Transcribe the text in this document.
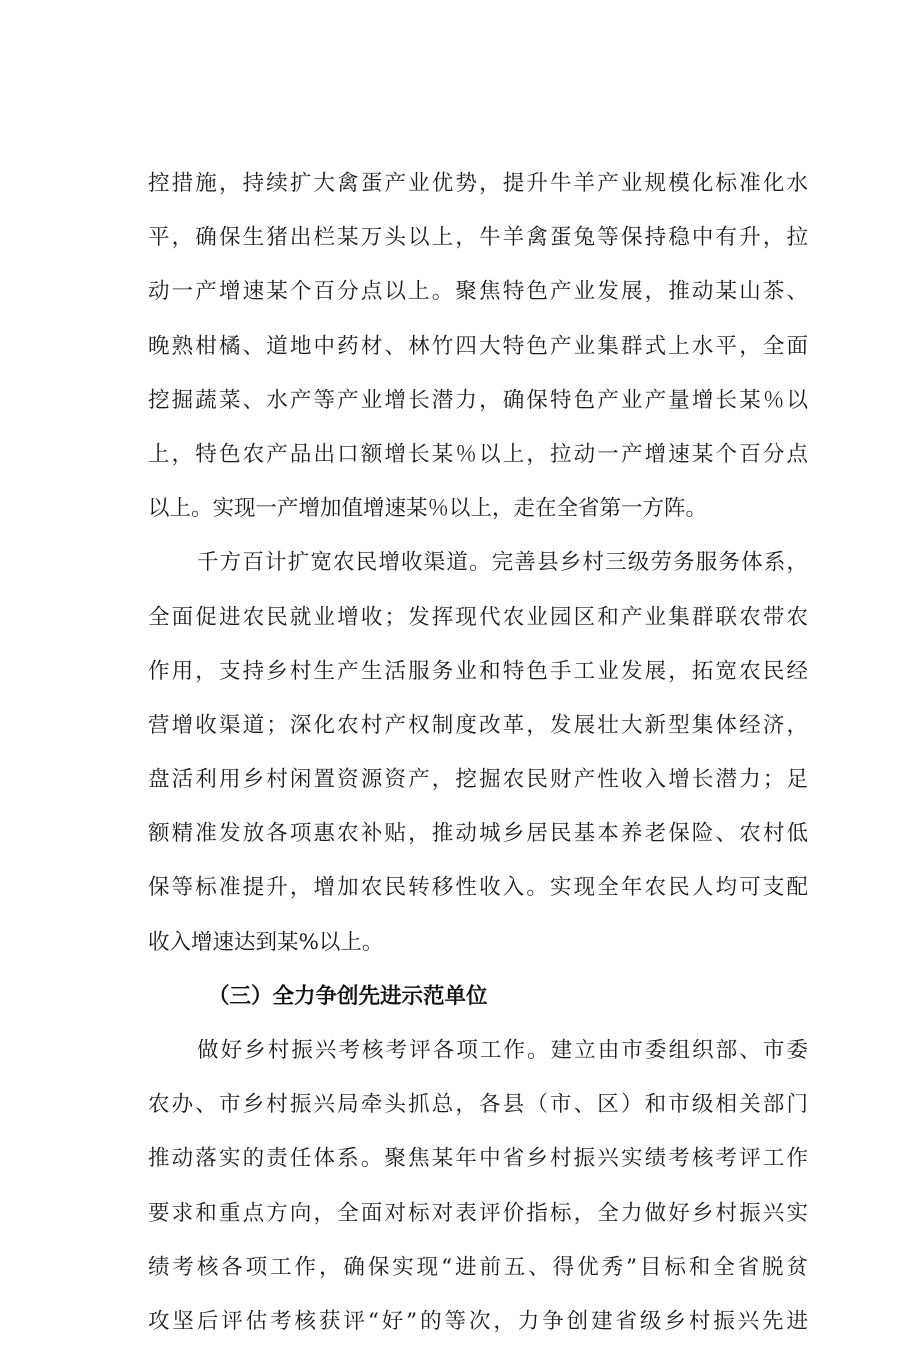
控措施，持续扩大禽蛋产业优势，提升牛羊产业规模化标准化水
平，确保生猪出栏某万头以上，牛羊禽蛋兔等保持稳中有升，拉
动一产增速某个百分点以上。聚焦特色产业发展，推动某山茶、
晚熟柑橘、道地中药材、林竹四大特色产业集群式上水平，全面
挖掘蔬菜、水产等产业增长潜力，确保特色产业产量增长某％以
上，特色农产品出口额增长某％以上，拉动一产增速某个百分点
以上。实现一产增加值增速某％以上，走在全省第一方阵。
千方百计扩宽农民增收渠道。完善县乡村三级劳务服务体系，
全面促进农民就业增收；发挥现代农业园区和产业集群联农带农
作用，支持乡村生产生活服务业和特色手工业发展，拓宽农民经
营增收渠道；深化农村产权制度改革，发展壮大新型集体经济，
盘活利用乡村闲置资源资产，挖掘农民财产性收入增长潜力；足
额精准发放各项惠农补贴，推动城乡居民基本养老保险、农村低
保等标准提升，增加农民转移性收入。实现全年农民人均可支配
收入增速达到某%以上。
（三）全力争创先进示范单位
做好乡村振兴考核考评各项工作。建立由市委组织部、市委
农办、市乡村振兴局牵头抓总，各县（市、区）和市级相关部门
推动落实的责任体系。聚焦某年中省乡村振兴实绩考核考评工作
要求和重点方向，全面对标对表评价指标，全力做好乡村振兴实
绩考核各项工作，确保实现“进前五、得优秀”目标和全省脱贫
攻坚后评估考核获评“好”的等次，力争创建省级乡村振兴先进
